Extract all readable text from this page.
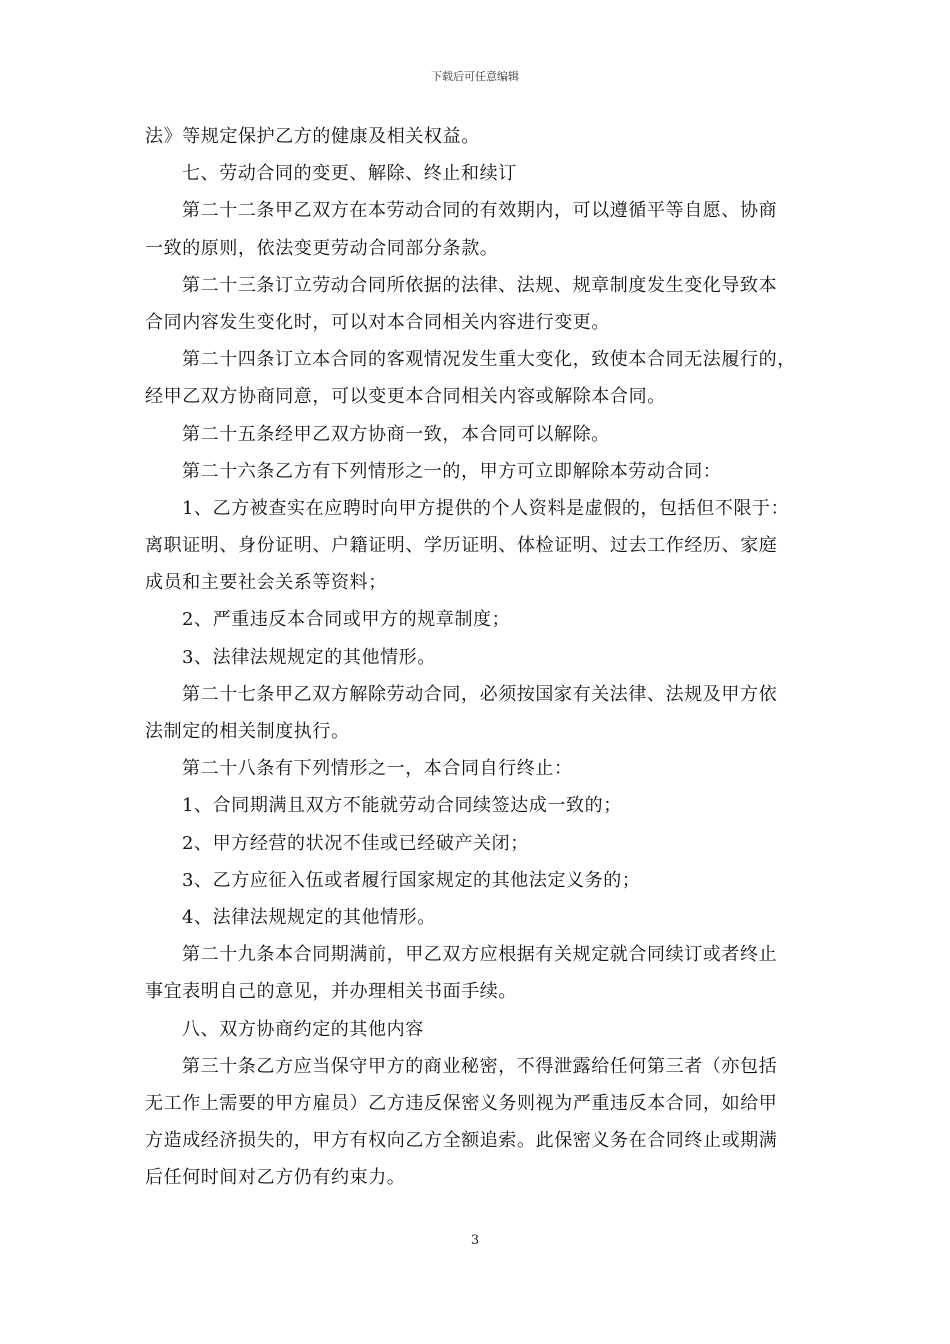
下载后可任意编辑
法》等规定保护乙方的健康及相关权益。
七、劳动合同的变更、解除、终止和续订
第二十二条甲乙双方在本劳动合同的有效期内，可以遵循平等自愿、协商
一致的原则，依法变更劳动合同部分条款。
第二十三条订立劳动合同所依据的法律、法规、规章制度发生变化导致本
合同内容发生变化时，可以对本合同相关内容进行变更。
第二十四条订立本合同的客观情况发生重大变化，致使本合同无法履行的，
经甲乙双方协商同意，可以变更本合同相关内容或解除本合同。
第二十五条经甲乙双方协商一致，本合同可以解除。
第二十六条乙方有下列情形之一的，甲方可立即解除本劳动合同：
1、乙方被查实在应聘时向甲方提供的个人资料是虚假的，包括但不限于：
离职证明、身份证明、户籍证明、学历证明、体检证明、过去工作经历、家庭
成员和主要社会关系等资料；
2、严重违反本合同或甲方的规章制度；
3、法律法规规定的其他情形。
第二十七条甲乙双方解除劳动合同，必须按国家有关法律、法规及甲方依
法制定的相关制度执行。
第二十八条有下列情形之一，本合同自行终止：
1、合同期满且双方不能就劳动合同续签达成一致的；
2、甲方经营的状况不佳或已经破产关闭；
3、乙方应征入伍或者履行国家规定的其他法定义务的；
4、法律法规规定的其他情形。
第二十九条本合同期满前，甲乙双方应根据有关规定就合同续订或者终止
事宜表明自己的意见，并办理相关书面手续。
八、双方协商约定的其他内容
第三十条乙方应当保守甲方的商业秘密，不得泄露给任何第三者（亦包括
无工作上需要的甲方雇员）乙方违反保密义务则视为严重违反本合同，如给甲
方造成经济损失的，甲方有权向乙方全额追索。此保密义务在合同终止或期满
后任何时间对乙方仍有约束力。
3
